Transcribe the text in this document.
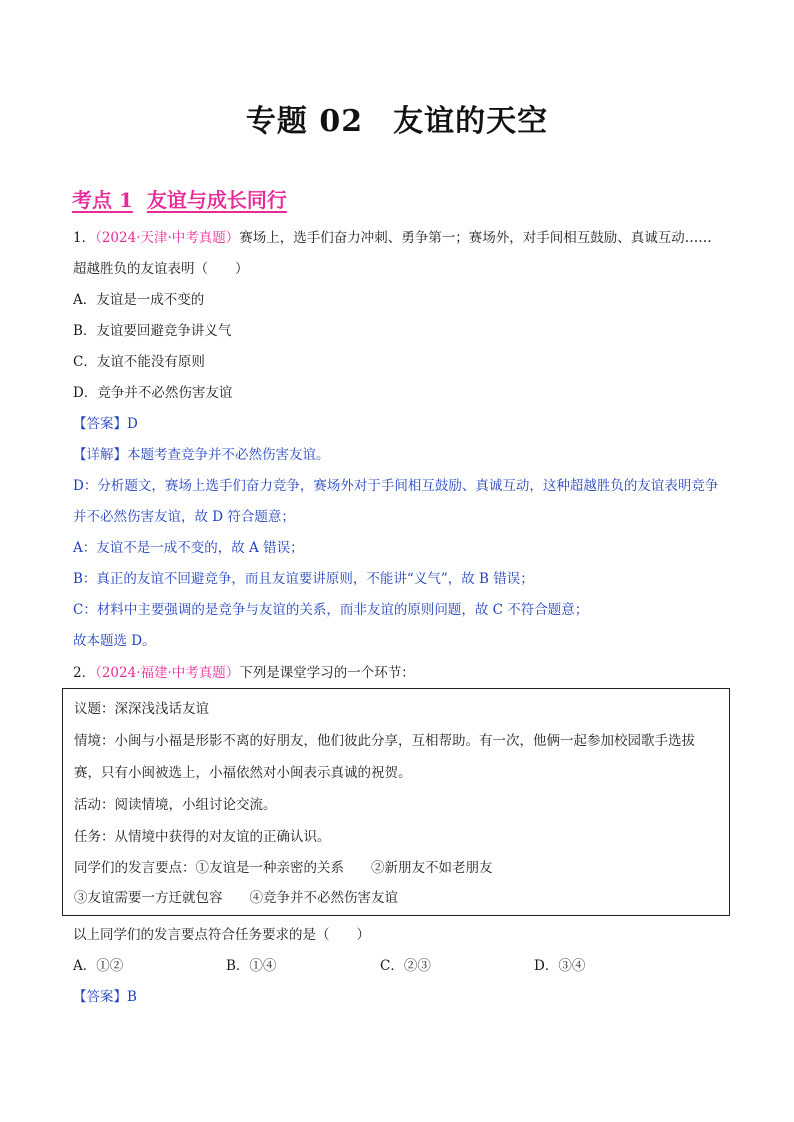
专题 02 友谊的天空
考点 1 友谊与成长同行
1．（2024·天津·中考真题）赛场上，选手们奋力冲刺、勇争第一；赛场外，对手间相互鼓励、真诚互动……
超越胜负的友谊表明（　　）
A．友谊是一成不变的
B．友谊要回避竞争讲义气
C．友谊不能没有原则
D．竞争并不必然伤害友谊
【答案】D
【详解】本题考查竞争并不必然伤害友谊。
D：分析题文，赛场上选手们奋力竞争，赛场外对于手间相互鼓励、真诚互动，这种超越胜负的友谊表明竞争
并不必然伤害友谊，故 D 符合题意；
A：友谊不是一成不变的，故 A 错误；
B：真正的友谊不回避竞争，而且友谊要讲原则，不能讲“义气”，故 B 错误；
C：材料中主要强调的是竞争与友谊的关系，而非友谊的原则问题，故 C 不符合题意；
故本题选 D。
2．（2024·福建·中考真题）下列是课堂学习的一个环节：
议题：深深浅浅话友谊
情境：小闽与小福是形影不离的好朋友，他们彼此分享，互相帮助。有一次，他俩一起参加校园歌手选拔
赛，只有小闽被选上，小福依然对小闽表示真诚的祝贺。
活动：阅读情境，小组讨论交流。
任务：从情境中获得的对友谊的正确认识。
同学们的发言要点：①友谊是一种亲密的关系　　②新朋友不如老朋友
③友谊需要一方迁就包容　　④竞争并不必然伤害友谊
以上同学们的发言要点符合任务要求的是（　　）
A．①②	B．①④	C．②③	D．③④
【答案】B
